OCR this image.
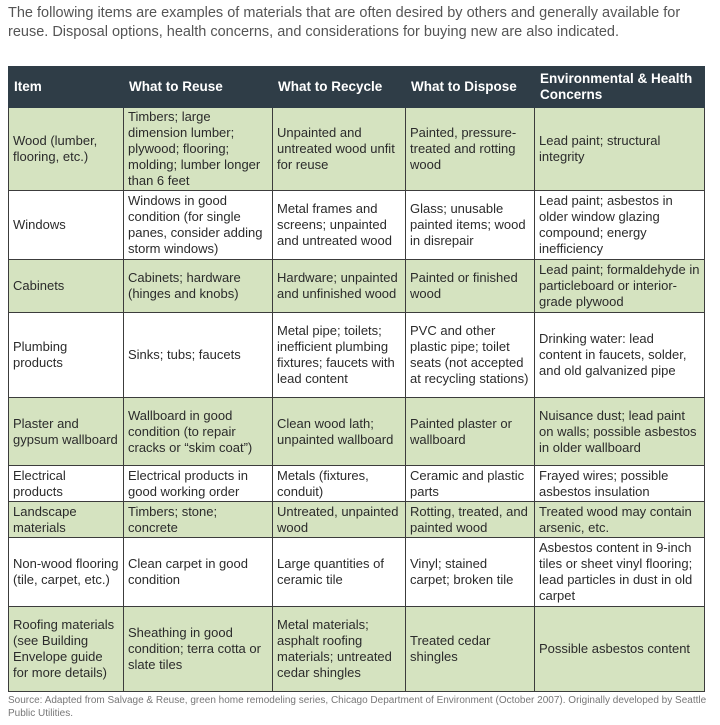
The following items are examples of materials that are often desired by others and generally available for reuse. Disposal options, health concerns, and considerations for buying new are also indicated.

Item	What to Reuse	What to Recycle	What to Dispose	Environmental & Health Concerns
Wood (lumber, flooring, etc.)	Timbers; large dimension lumber; plywood; flooring; molding; lumber longer than 6 feet	Unpainted and untreated wood unfit for reuse	Painted, pressure-treated and rotting wood	Lead paint; structural integrity
Windows	Windows in good condition (for single panes, consider adding storm windows)	Metal frames and screens; unpainted and untreated wood	Glass; unusable painted items; wood in disrepair	Lead paint; asbestos in older window glazing compound; energy inefficiency
Cabinets	Cabinets; hardware (hinges and knobs)	Hardware; unpainted and unfinished wood	Painted or finished wood	Lead paint; formaldehyde in particleboard or interior-grade plywood
Plumbing products	Sinks; tubs; faucets	Metal pipe; toilets; inefficient plumbing fixtures; faucets with lead content	PVC and other plastic pipe; toilet seats (not accepted at recycling stations)	Drinking water: lead content in faucets, solder, and old galvanized pipe
Plaster and gypsum wallboard	Wallboard in good condition (to repair cracks or “skim coat”)	Clean wood lath; unpainted wallboard	Painted plaster or wallboard	Nuisance dust; lead paint on walls; possible asbestos in older wallboard
Electrical products	Electrical products in good working order	Metals (fixtures, conduit)	Ceramic and plastic parts	Frayed wires; possible asbestos insulation
Landscape materials	Timbers; stone; concrete	Untreated, unpainted wood	Rotting, treated, and painted wood	Treated wood may contain arsenic, etc.
Non-wood flooring (tile, carpet, etc.)	Clean carpet in good condition	Large quantities of ceramic tile	Vinyl; stained carpet; broken tile	Asbestos content in 9-inch tiles or sheet vinyl flooring; lead particles in dust in old carpet
Roofing materials (see Building Envelope guide for more details)	Sheathing in good condition; terra cotta or slate tiles	Metal materials; asphalt roofing materials; untreated cedar shingles	Treated cedar shingles	Possible asbestos content

Source: Adapted from Salvage & Reuse, green home remodeling series, Chicago Department of Environment (October 2007). Originally developed by Seattle Public Utilities.
